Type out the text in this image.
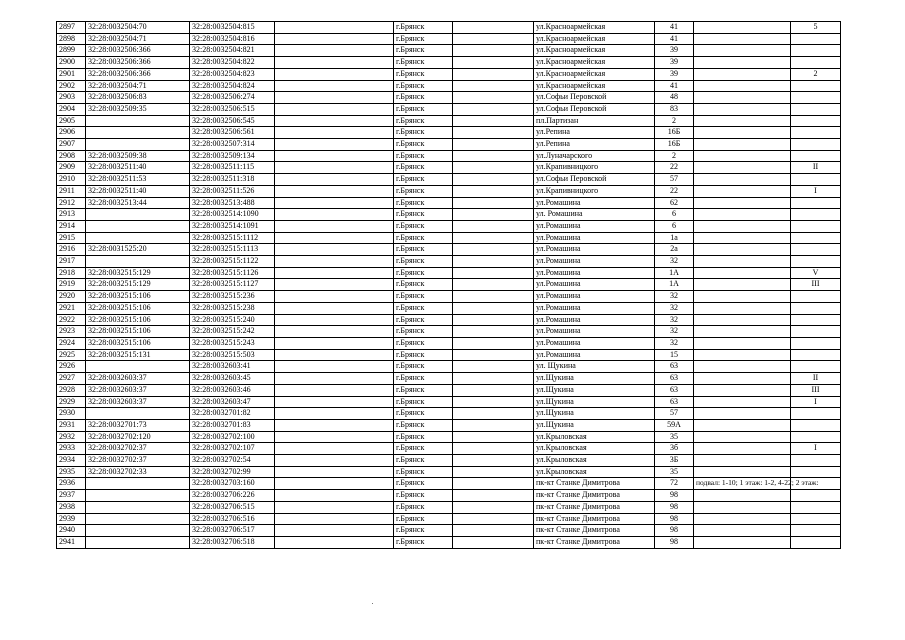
2897	32:28:0032504:70	32:28:0032504:815		г.Брянск		ул.Красноармейская	41		5
2898	32:28:0032504:71	32:28:0032504:816		г.Брянск		ул.Красноармейская	41		
2899	32:28:0032506:366	32:28:0032504:821		г.Брянск		ул.Красноармейская	39		
2900	32:28:0032506:366	32:28:0032504:822		г.Брянск		ул.Красноармейская	39		
2901	32:28:0032506:366	32:28:0032504:823		г.Брянск		ул.Красноармейская	39		2
2902	32:28:0032504:71	32:28:0032504:824		г.Брянск		ул.Красноармейская	41		
2903	32:28:0032506:83	32:28:0032506:274		г.Брянск		ул.Софьи Перовской	48		
2904	32:28:0032509:35	32:28:0032506:515		г.Брянск		ул.Софьи Перовской	83		
2905		32:28:0032506:545		г.Брянск		пл.Партизан	2		
2906		32:28:0032506:561		г.Брянск		ул.Репина	16Б		
2907		32:28:0032507:314		г.Брянск		ул.Репина	16Б		
2908	32:28:0032509:38	32:28:0032509:134		г.Брянск		ул.Луначарского	2		
2909	32:28:0032511:40	32:28:0032511:115		г.Брянск		ул.Крапивницкого	22		II
2910	32:28:0032511:53	32:28:0032511:318		г.Брянск		ул.Софьи Перовской	57		
2911	32:28:0032511:40	32:28:0032511:526		г.Брянск		ул.Крапивницкого	22		I
2912	32:28:0032513:44	32:28:0032513:488		г.Брянск		ул.Ромашина	62		
2913		32:28:0032514:1090		г.Брянск		ул. Ромашина	6		
2914		32:28:0032514:1091		г.Брянск		ул.Ромашина	6		
2915		32:28:0032515:1112		г.Брянск		ул.Ромашина	1а		
2916	32:28:0031525:20	32:28:0032515:1113		г.Брянск		ул.Ромашина	2а		
2917		32:28:0032515:1122		г.Брянск		ул.Ромашина	32		
2918	32:28:0032515:129	32:28:0032515:1126		г.Брянск		ул.Ромашина	1А		V
2919	32:28:0032515:129	32:28:0032515:1127		г.Брянск		ул.Ромашина	1А		III
2920	32:28:0032515:106	32:28:0032515:236		г.Брянск		ул.Ромашина	32		
2921	32:28:0032515:106	32:28:0032515:238		г.Брянск		ул.Ромашина	32		
2922	32:28:0032515:106	32:28:0032515:240		г.Брянск		ул.Ромашина	32		
2923	32:28:0032515:106	32:28:0032515:242		г.Брянск		ул.Ромашина	32		
2924	32:28:0032515:106	32:28:0032515:243		г.Брянск		ул.Ромашина	32		
2925	32:28:0032515:131	32:28:0032515:503		г.Брянск		ул.Ромашина	15		
2926		32:28:0032603:41		г.Брянск		ул. Щукина	63		
2927	32:28:0032603:37	32:28:0032603:45		г.Брянск		ул.Щукина	63		II
2928	32:28:0032603:37	32:28:0032603:46		г.Брянск		ул.Щукина	63		III
2929	32:28:0032603:37	32:28:0032603:47		г.Брянск		ул.Щукина	63		I
2930		32:28:0032701:82		г.Брянск		ул.Щукина	57		
2931	32:28:0032701:73	32:28:0032701:83		г.Брянск		ул.Щукина	59А		
2932	32:28:0032702:120	32:28:0032702:100		г.Брянск		ул.Крыловская	35		
2933	32:28:0032702:37	32:28:0032702:107		г.Брянск		ул.Крыловская	3б		I
2934	32:28:0032702:37	32:28:0032702:54		г.Брянск		ул.Крыловская	3Б		
2935	32:28:0032702:33	32:28:0032702:99		г.Брянск		ул.Крыловская	35		
2936		32:28:0032703:160		г.Брянск		пк-кт Станке Димитрова	72	подвал: 1-10; 1 этаж: 1-2, 4-22; 2 этаж:	
2937		32:28:0032706:226		г.Брянск		пк-кт Станке Димитрова	98		
2938		32:28:0032706:515		г.Брянск		пк-кт Станке Димитрова	98		
2939		32:28:0032706:516		г.Брянск		пк-кт Станке Димитрова	98		
2940		32:28:0032706:517		г.Брянск		пк-кт Станке Димитрова	98		
2941		32:28:0032706:518		г.Брянск		пк-кт Станке Димитрова	98		
